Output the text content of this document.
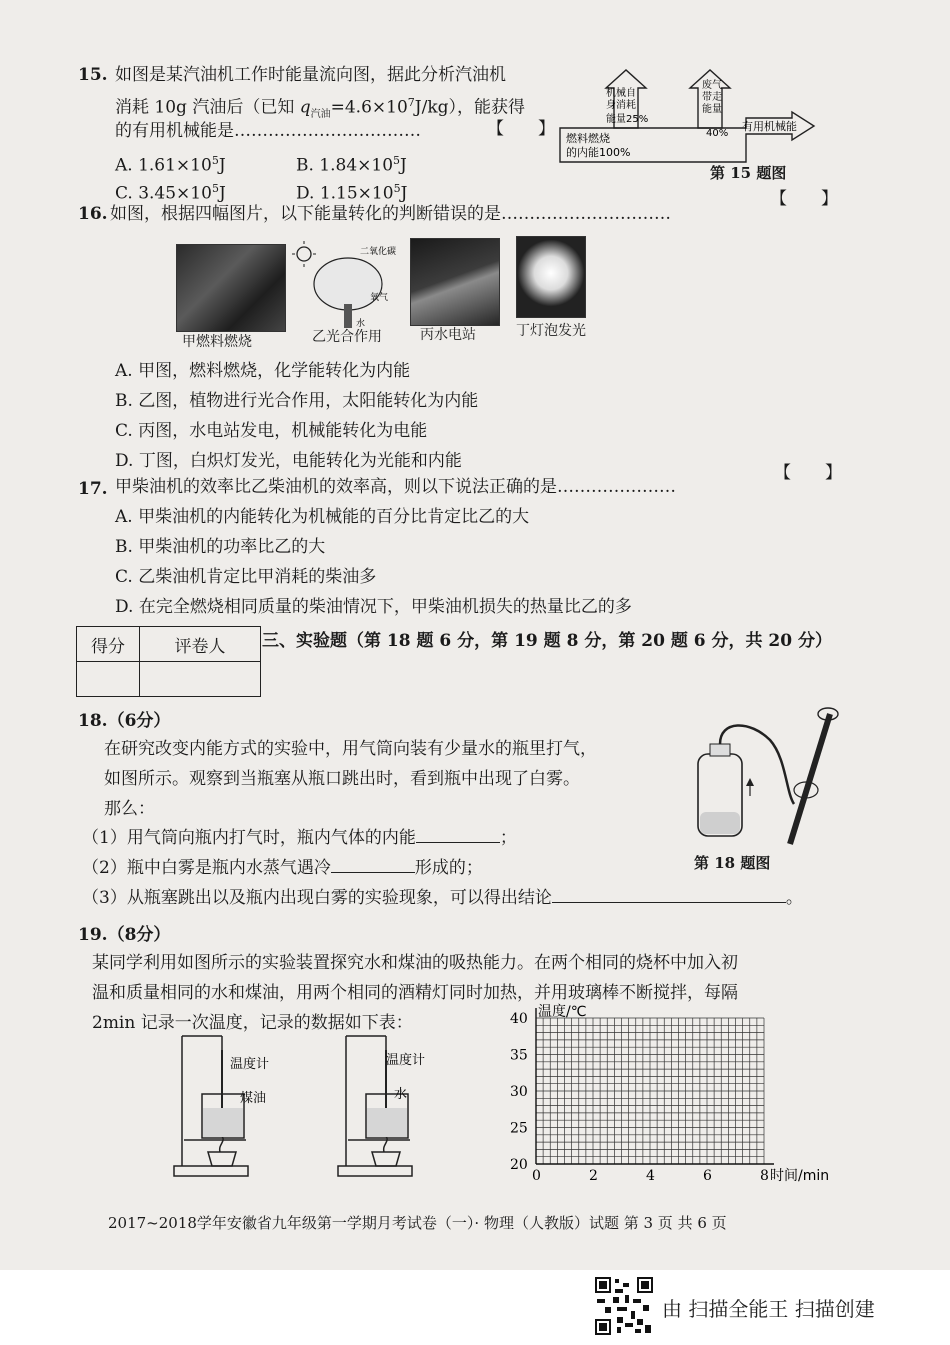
15. 如图是某汽油机工作时能量流向图，据此分析汽油机
消耗 10g 汽油后（已知 $q_{汽油}=4.6\times 10^7J/kg$），能获得
的有用机械能是……………………………	【　　】
A. $1.61\times 10^5J$	B. $1.84\times 10^5J$
C. $3.45\times 10^5J$	D. $1.15\times 10^5J$
机械自
身消耗
能量25%
废气
带走
能量
40%
燃料燃烧
的内能100%
有用机械能
第 15 题图
16. 如图，根据四幅图片，以下能量转化的判断错误的是…………………………
【　　】
二氧化碳
氧气
水
甲燃料燃烧	乙光合作用	丙水电站	丁灯泡发光
A. 甲图，燃料燃烧，化学能转化为内能
B. 乙图，植物进行光合作用，太阳能转化为内能
C. 丙图，水电站发电，机械能转化为电能
D. 丁图，白炽灯发光，电能转化为光能和内能
17. 甲柴油机的效率比乙柴油机的效率高，则以下说法正确的是…………………
【　　】
A. 甲柴油机的内能转化为机械能的百分比肯定比乙的大
B. 甲柴油机的功率比乙的大
C. 乙柴油机肯定比甲消耗的柴油多
D. 在完全燃烧相同质量的柴油情况下，甲柴油机损失的热量比乙的多
得分	评卷人
	三、实验题（第 18 题 6 分，第 19 题 8 分，第 20 题 6 分，共 20 分）
18.（6分）
在研究改变内能方式的实验中，用气筒向装有少量水的瓶里打气，
如图所示。观察到当瓶塞从瓶口跳出时，看到瓶中出现了白雾。
那么：
（1）用气筒向瓶内打气时，瓶内气体的内能	；
（2）瓶中白雾是瓶内水蒸气遇冷	形成的；
（3）从瓶塞跳出以及瓶内出现白雾的实验现象，可以得出结论	。
第 18 题图
19.（8分）
某同学利用如图所示的实验装置探究水和煤油的吸热能力。在两个相同的烧杯中加入初
温和质量相同的水和煤油，用两个相同的酒精灯同时加热，并用玻璃棒不断搅拌，每隔
2min 记录一次温度，记录的数据如下表：
温度计
煤油
温度计
水
0	2	4	6	8
20
25
30
35
40 温度/℃
时间/min
2017~2018学年安徽省九年级第一学期月考试卷（一）· 物理（人教版）试题 第 3 页 共 6 页
由 扫描全能王 扫描创建
